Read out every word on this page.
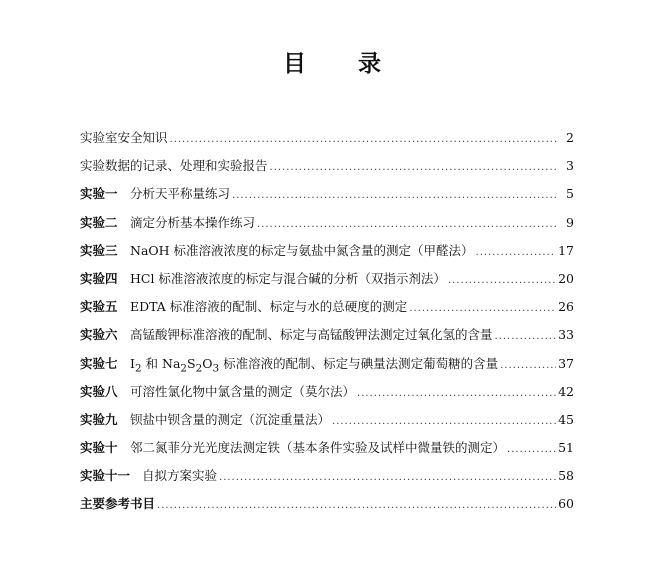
目 录
实验室安全知识 .....	2
实验数据的记录、处理和实验报告 .....	3
实验一 分析天平称量练习 .....	5
实验二 滴定分析基本操作练习 .....	9
实验三 NaOH 标准溶液浓度的标定与氨盐中氮含量的测定（甲醛法） .....	17
实验四 HCl 标准溶液浓度的标定与混合碱的分析（双指示剂法） .....	20
实验五 EDTA 标准溶液的配制、标定与水的总硬度的测定 .....	26
实验六 高锰酸钾标准溶液的配制、标定与高锰酸钾法测定过氧化氢的含量 .....	33
实验七 $I_2$ 和 $Na_2S_2O_3$ 标准溶液的配制、标定与碘量法测定葡萄糖的含量 .....	37
实验八 可溶性氯化物中氯含量的测定（莫尔法） .....	42
实验九 钡盐中钡含量的测定（沉淀重量法） .....	45
实验十 邻二氮菲分光光度法测定铁（基本条件实验及试样中微量铁的测定） .....	51
实验十一 自拟方案实验 .....	58
主要参考书目 .....	60
